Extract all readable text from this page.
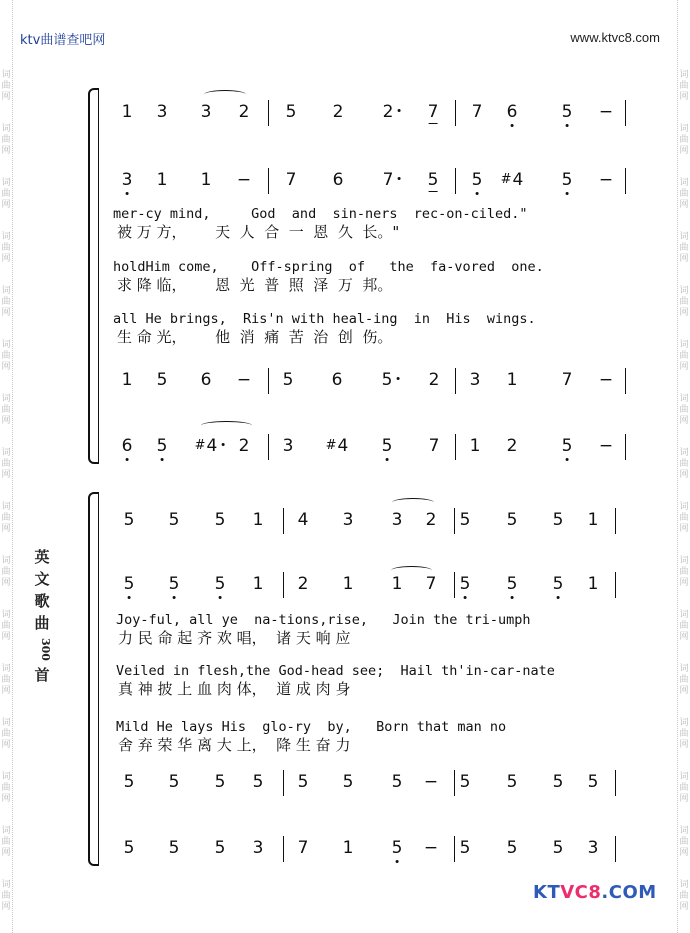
ktv曲谱查吧网	www.ktvc8.com
词
曲
网
词
曲
网
词
曲
网
词
曲
网
词
曲
网
词
曲
网
词
曲
网
词
曲
网
词
曲
网
词
曲
网
词
曲
网
词
曲
网
词
曲
网
词
曲
网
词
曲
网
词
曲
网
词
曲
网
词
曲
网
词
曲
网
词
曲
网
词
曲
网
词
曲
网
词
曲
网
词
曲
网
词
曲
网
词
曲
网
词
曲
网
词
曲
网
词
曲
网
词
曲
网
词
曲
网
词
曲
网
英
文
歌
曲
300
首
1 3 3 2 5 2 2 7 7 6	5 −
3 1 1 − 7 6 7 5 5 #4 5 −
mer-cy mind,     God  and  sin-ners  rec-on-ciled."
被 万 方，      天  人  合  一  恩  久  长。"
holdHim come,    Off-spring  of   the  fa-vored  one.
求 降 临，      恩  光  普  照  泽  万  邦。
all He brings,  Ris'n with heal-ing  in  His  wings.
生 命 光，      他  消  痛  苦  治  创  伤。
1 5 6 − 5 6 5 2 3 1	7 −
6 5 #4 2 3 #4 5 7 1 2	5 −
5 5 5 1 4 3 3 2 5 5 5 1
5 5 5 1 2 1 1 7 5 5 5 1
Joy-ful, all ye  na-tions,rise,   Join the tri-umph
力 民 命 起 齐 欢 唱，  诸 天 响 应
Veiled in flesh,the God-head see;  Hail th'in-car-nate
真 神 披 上 血 肉 体，  道 成 肉 身
Mild He lays His  glo-ry  by,   Born that man no
舍 弃 荣 华 离 大 上，  降 生 奋 力
5 5 5 5 5 5 5 − 5 5 5 5
5 5 5 3 7 1 5 − 5 5 5 3
KTVC8.COM
